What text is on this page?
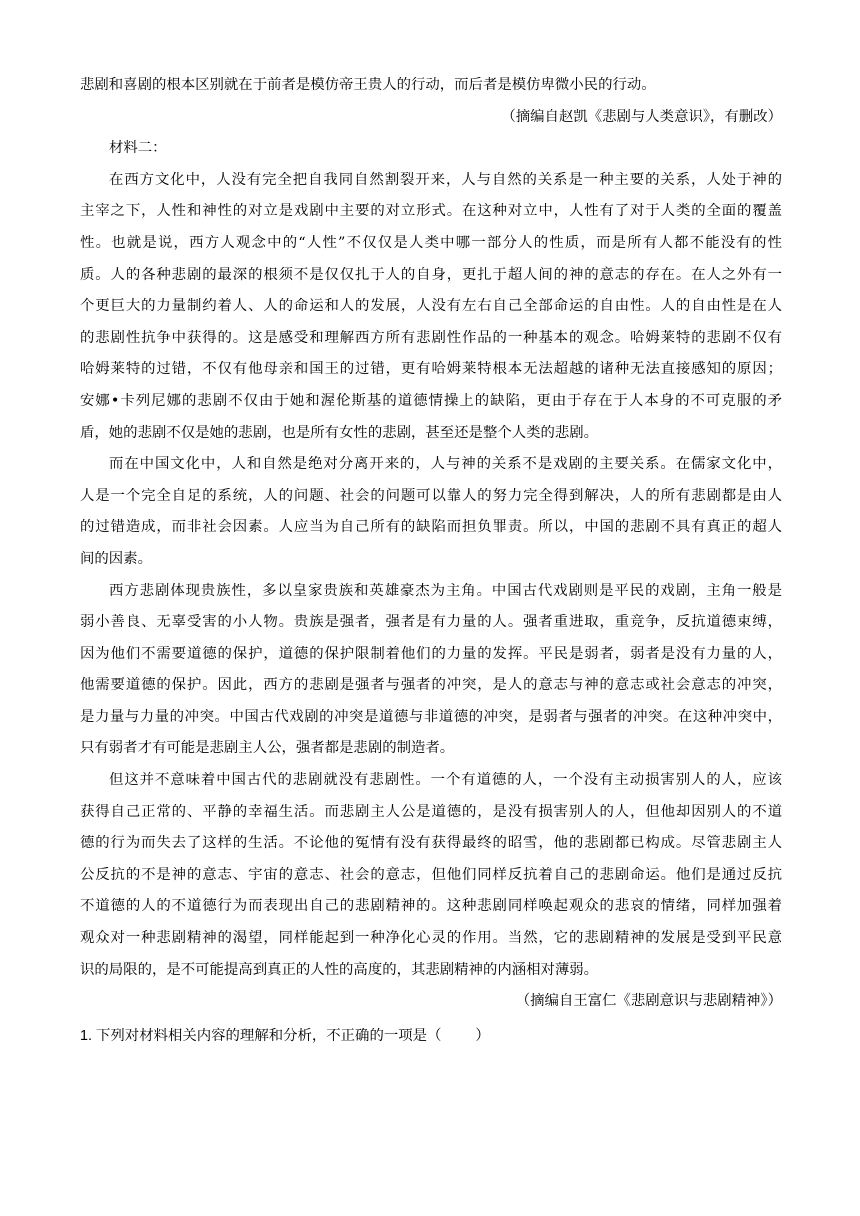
悲剧和喜剧的根本区别就在于前者是模仿帝王贵人的行动，而后者是模仿卑微小民的行动。
（摘编自赵凯《悲剧与人类意识》，有删改）
材料二：
在西方文化中，人没有完全把自我同自然割裂开来，人与自然的关系是一种主要的关系，人处于神的
主宰之下，人性和神性的对立是戏剧中主要的对立形式。在这种对立中，人性有了对于人类的全面的覆盖
性。也就是说，西方人观念中的“人性”不仅仅是人类中哪一部分人的性质，而是所有人都不能没有的性
质。人的各种悲剧的最深的根须不是仅仅扎于人的自身，更扎于超人间的神的意志的存在。在人之外有一
个更巨大的力量制约着人、人的命运和人的发展，人没有左右自己全部命运的自由性。人的自由性是在人
的悲剧性抗争中获得的。这是感受和理解西方所有悲剧性作品的一种基本的观念。哈姆莱特的悲剧不仅有
哈姆莱特的过错，不仅有他母亲和国王的过错，更有哈姆莱特根本无法超越的诸种无法直接感知的原因；
安娜•卡列尼娜的悲剧不仅由于她和渥伦斯基的道德情操上的缺陷，更由于存在于人本身的不可克服的矛
盾，她的悲剧不仅是她的悲剧，也是所有女性的悲剧，甚至还是整个人类的悲剧。
而在中国文化中，人和自然是绝对分离开来的，人与神的关系不是戏剧的主要关系。在儒家文化中，
人是一个完全自足的系统，人的问题、社会的问题可以靠人的努力完全得到解决，人的所有悲剧都是由人
的过错造成，而非社会因素。人应当为自己所有的缺陷而担负罪责。所以，中国的悲剧不具有真正的超人
间的因素。
西方悲剧体现贵族性，多以皇家贵族和英雄豪杰为主角。中国古代戏剧则是平民的戏剧，主角一般是
弱小善良、无辜受害的小人物。贵族是强者，强者是有力量的人。强者重进取，重竞争，反抗道德束缚，
因为他们不需要道德的保护，道德的保护限制着他们的力量的发挥。平民是弱者，弱者是没有力量的人，
他需要道德的保护。因此，西方的悲剧是强者与强者的冲突，是人的意志与神的意志或社会意志的冲突，
是力量与力量的冲突。中国古代戏剧的冲突是道德与非道德的冲突，是弱者与强者的冲突。在这种冲突中，
只有弱者才有可能是悲剧主人公，强者都是悲剧的制造者。
但这并不意味着中国古代的悲剧就没有悲剧性。一个有道德的人，一个没有主动损害别人的人，应该
获得自己正常的、平静的幸福生活。而悲剧主人公是道德的，是没有损害别人的人，但他却因别人的不道
德的行为而失去了这样的生活。不论他的冤情有没有获得最终的昭雪，他的悲剧都已构成。尽管悲剧主人
公反抗的不是神的意志、宇宙的意志、社会的意志，但他们同样反抗着自己的悲剧命运。他们是通过反抗
不道德的人的不道德行为而表现出自己的悲剧精神的。这种悲剧同样唤起观众的悲哀的情绪，同样加强着
观众对一种悲剧精神的渴望，同样能起到一种净化心灵的作用。当然，它的悲剧精神的发展是受到平民意
识的局限的，是不可能提高到真正的人性的高度的，其悲剧精神的内涵相对薄弱。
（摘编自王富仁《悲剧意识与悲剧精神》）
1. 下列对材料相关内容的理解和分析，不正确的一项是（ ）
